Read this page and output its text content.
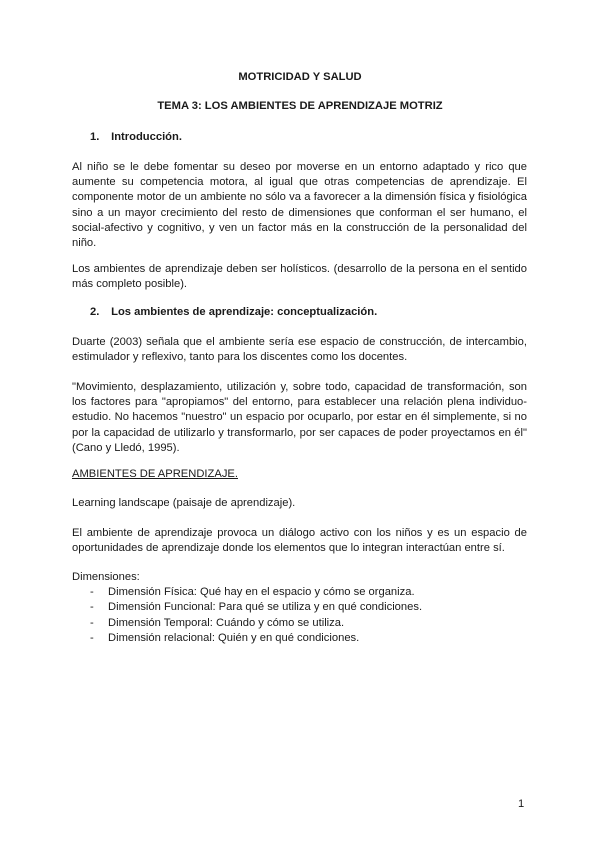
MOTRICIDAD Y SALUD
TEMA 3: LOS AMBIENTES DE APRENDIZAJE MOTRIZ
1. Introducción.
Al niño se le debe fomentar su deseo por moverse en un entorno adaptado y rico que aumente su competencia motora, al igual que otras competencias de aprendizaje. El componente motor de un ambiente no sólo va a favorecer a la dimensión física y fisiológica sino a un mayor crecimiento del resto de dimensiones que conforman el ser humano, el social-afectivo y cognitivo, y ven un factor más en la construcción de la personalidad del niño.
Los ambientes de aprendizaje deben ser holísticos. (desarrollo de la persona en el sentido más completo posible).
2. Los ambientes de aprendizaje: conceptualización.
Duarte (2003) señala que el ambiente sería ese espacio de construcción, de intercambio, estimulador y reflexivo, tanto para los discentes como los docentes.
"Movimiento, desplazamiento, utilización y, sobre todo, capacidad de transformación, son los factores para "apropiamos" del entorno, para establecer una relación plena individuo-estudio. No hacemos "nuestro" un espacio por ocuparlo, por estar en él simplemente, si no por la capacidad de utilizarlo y transformarlo, por ser capaces de poder proyectamos en él"(Cano y Lledó, 1995).
AMBIENTES DE APRENDIZAJE.
Learning landscape (paisaje de aprendizaje).
El ambiente de aprendizaje provoca un diálogo activo con los niños y es un espacio de oportunidades de aprendizaje donde los elementos que lo integran interactúan entre sí.
Dimensiones:
- Dimensión Física: Qué hay en el espacio y cómo se organiza.
- Dimensión Funcional: Para qué se utiliza y en qué condiciones.
- Dimensión Temporal: Cuándo y cómo se utiliza.
- Dimensión relacional: Quién y en qué condiciones.
1
